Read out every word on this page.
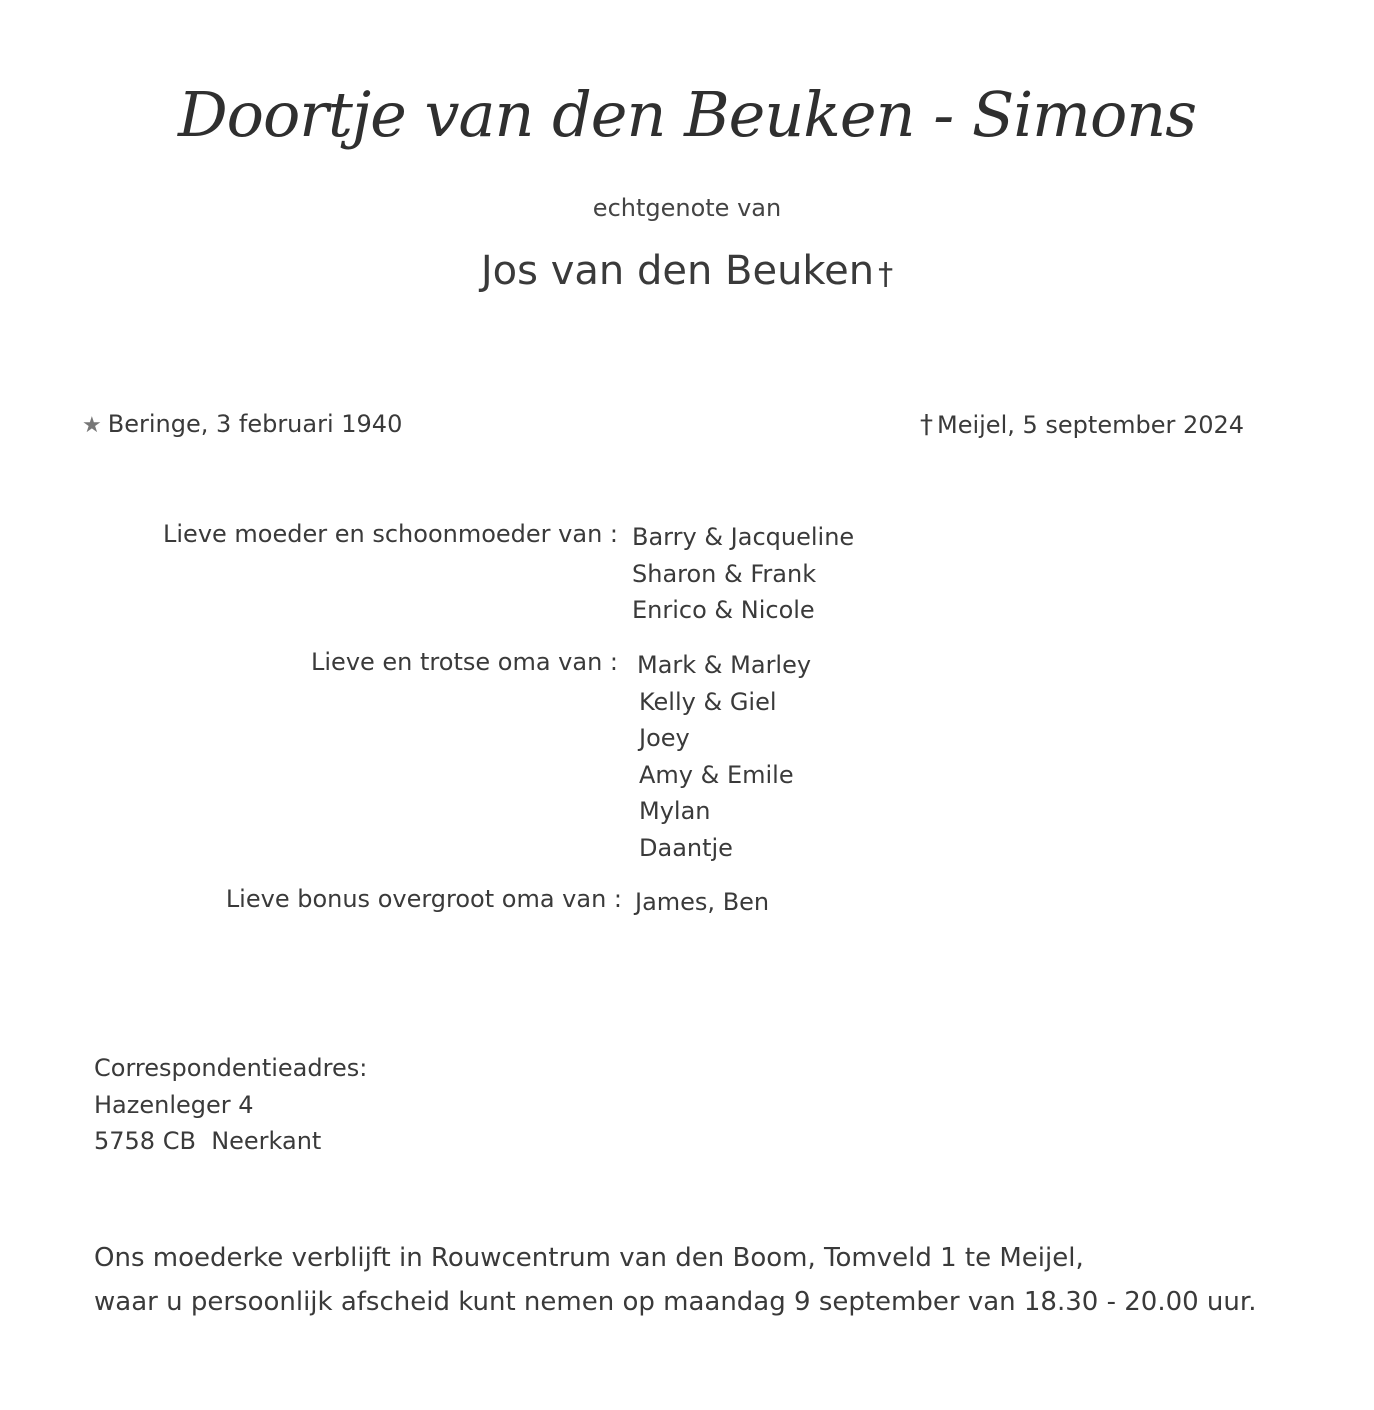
Doortje van den Beuken - Simons
echtgenote van
Jos van den Beuken †
★ Beringe, 3 februari 1940	† Meijel, 5 september 2024
Lieve moeder en schoonmoeder van : Barry & Jacqueline
Sharon & Frank
Enrico & Nicole
Lieve en trotse oma van : Mark & Marley
Kelly & Giel
Joey
Amy & Emile
Mylan
Daantje
Lieve bonus overgroot oma van : James, Ben
Correspondentieadres:
Hazenleger 4
5758 CB  Neerkant
Ons moederke verblijft in Rouwcentrum van den Boom, Tomveld 1 te Meijel,
waar u persoonlijk afscheid kunt nemen op maandag 9 september van 18.30 - 20.00 uur.
